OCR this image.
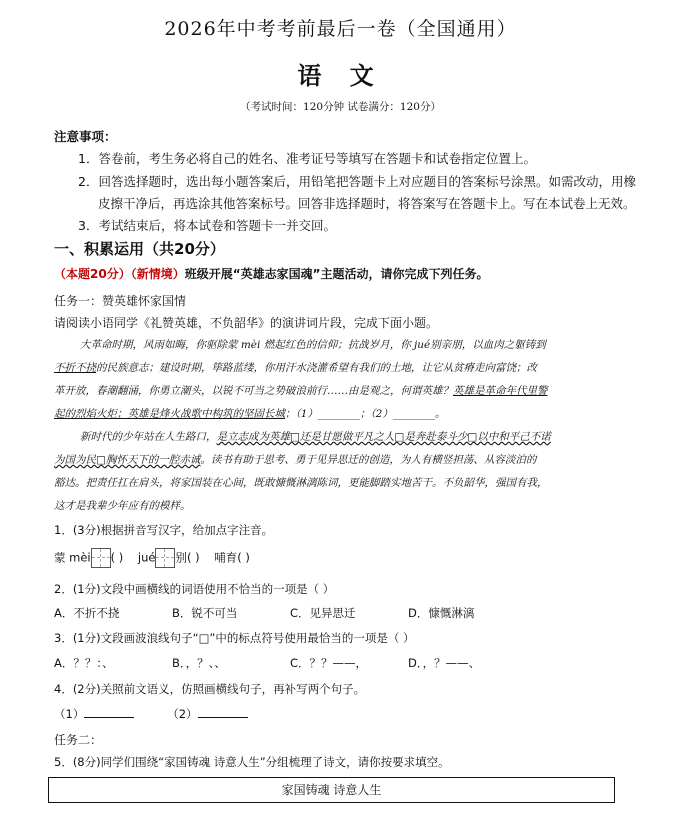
2026年中考考前最后一卷（全国通用）
语 文
（考试时间：120分钟 试卷满分：120分）
注意事项：
1．答卷前，考生务必将自己的姓名、准考证号等填写在答题卡和试卷指定位置上。
2．回答选择题时，选出每小题答案后，用铅笔把答题卡上对应题目的答案标号涂黑。如需改动，用橡
皮擦干净后，再选涂其他答案标号。回答非选择题时，将答案写在答题卡上。写在本试卷上无效。
3．考试结束后，将本试卷和答题卡一并交回。
一、积累运用（共20分）
（本题20分）（新情境）班级开展“英雄志家国魂”主题活动，请你完成下列任务。
任务一：赞英雄怀家国情
请阅读小语同学《礼赞英雄，不负韶华》的演讲词片段，完成下面小题。
大革命时期，风雨如晦，你驱除蒙 mèi 燃起红色的信仰；抗战岁月，你 jué别亲朋，以血肉之躯铸到
不折不挠的民族意志；建设时期，筚路蓝缕，你用汗水浇灌希望有我们的土地，让它从贫瘠走向富饶；改
革开放，春潮翻涌，你勇立潮头，以锐不可当之势破浪前行……由是观之，何谓英雄？英雄是革命年代里警
起的烈焰火炬；英雄是烽火战歌中构筑的坚固长城；（1）________；（2）________。
新时代的少年站在人生路口，是立志成为英雄□还是甘愿做平凡之人□是奔赴泰斗少□以中和平己不诺
为国为民□胸怀天下的一腔赤诚。读书有助于思考、勇于见异思迁的创造，为人有横竖担荡、从容淡泊的
豁达。把责任扛在肩头，将家国装在心间，既敢慷慨淋漓陈词，更能脚踏实地苦干。不负韶华，强国有我，
这才是我辈少年应有的模样。
1．(3分)根据拼音写汉字，给加点字注音。
蒙 mèi ( ) jué 别( ) 哺育( )
2．(1分)文段中画横线的词语使用不恰当的一项是（ ）
A．不折不挠	B．锐不可当	C．见异思迁	D．慷慨淋漓
3．(1分)文段画波浪线句子“□”中的标点符号使用最恰当的一项是（ ）
A．？？：、	B．，？、、	C．？？——，	D．，？——、
4．(2分)关照前文语义，仿照画横线句子，再补写两个句子。
（1）	（2）
任务二：
5．(8分)同学们围绕“家国铸魂 诗意人生”分组梳理了诗文，请你按要求填空。
家国铸魂 诗意人生
